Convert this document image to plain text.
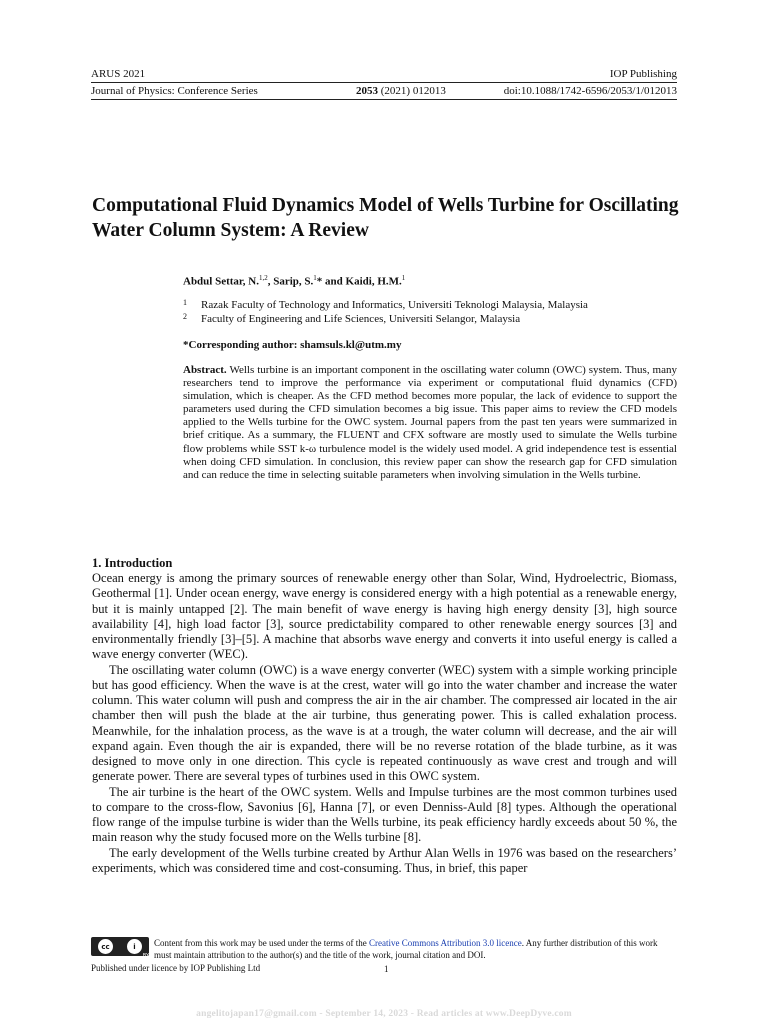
ARUS 2021	IOP Publishing
Journal of Physics: Conference Series	2053 (2021) 012013	doi:10.1088/1742-6596/2053/1/012013
Computational Fluid Dynamics Model of Wells Turbine for Oscillating Water Column System: A Review
Abdul Settar, N.$^{1,2}$, Sarip, S.$^1$* and Kaidi, H.M.$^1$
1 Razak Faculty of Technology and Informatics, Universiti Teknologi Malaysia, Malaysia
2 Faculty of Engineering and Life Sciences, Universiti Selangor, Malaysia
*Corresponding author: shamsuls.kl@utm.my
Abstract. Wells turbine is an important component in the oscillating water column (OWC) system. Thus, many researchers tend to improve the performance via experiment or computational fluid dynamics (CFD) simulation, which is cheaper. As the CFD method becomes more popular, the lack of evidence to support the parameters used during the CFD simulation becomes a big issue. This paper aims to review the CFD models applied to the Wells turbine for the OWC system. Journal papers from the past ten years were summarized in brief critique. As a summary, the FLUENT and CFX software are mostly used to simulate the Wells turbine flow problems while SST k-ω turbulence model is the widely used model. A grid independence test is essential when doing CFD simulation. In conclusion, this review paper can show the research gap for CFD simulation and can reduce the time in selecting suitable parameters when involving simulation in the Wells turbine.
1. Introduction

Ocean energy is among the primary sources of renewable energy other than Solar, Wind, Hydroelectric, Biomass, Geothermal [1]. Under ocean energy, wave energy is considered energy with a high potential as a renewable energy, but it is mainly untapped [2]. The main benefit of wave energy is having high energy density [3], high source availability [4], high load factor [3], source predictability compared to other renewable energy sources [3] and environmentally friendly [3]–[5]. A machine that absorbs wave energy and converts it into useful energy is called a wave energy converter (WEC).

The oscillating water column (OWC) is a wave energy converter (WEC) system with a simple working principle but has good efficiency. When the wave is at the crest, water will go into the water chamber and increase the water column. This water column will push and compress the air in the air chamber. The compressed air located in the air chamber then will push the blade at the air turbine, thus generating power. This is called exhalation process. Meanwhile, for the inhalation process, as the wave is at a trough, the water column will decrease, and the air will expand again. Even though the air is expanded, there will be no reverse rotation of the blade turbine, as it was designed to move only in one direction. This cycle is repeated continuously as wave crest and trough and will generate power. There are several types of turbines used in this OWC system.

The air turbine is the heart of the OWC system. Wells and Impulse turbines are the most common turbines used to compare to the cross-flow, Savonius [6], Hanna [7], or even Denniss-Auld [8] types. Although the operational flow range of the impulse turbine is wider than the Wells turbine, its peak efficiency hardly exceeds about 50 %, the main reason why the study focused more on the Wells turbine [8].

The early development of the Wells turbine created by Arthur Alan Wells in 1976 was based on the researchers’ experiments, which was considered time and cost-consuming. Thus, in brief, this paper

cc	i
BY
Content from this work may be used under the terms of the Creative Commons Attribution 3.0 licence. Any further distribution of this work must maintain attribution to the author(s) and the title of the work, journal citation and DOI.
Published under licence by IOP Publishing Ltd	1
angelitojapan17@gmail.com - September 14, 2023 - Read articles at www.DeepDyve.com
